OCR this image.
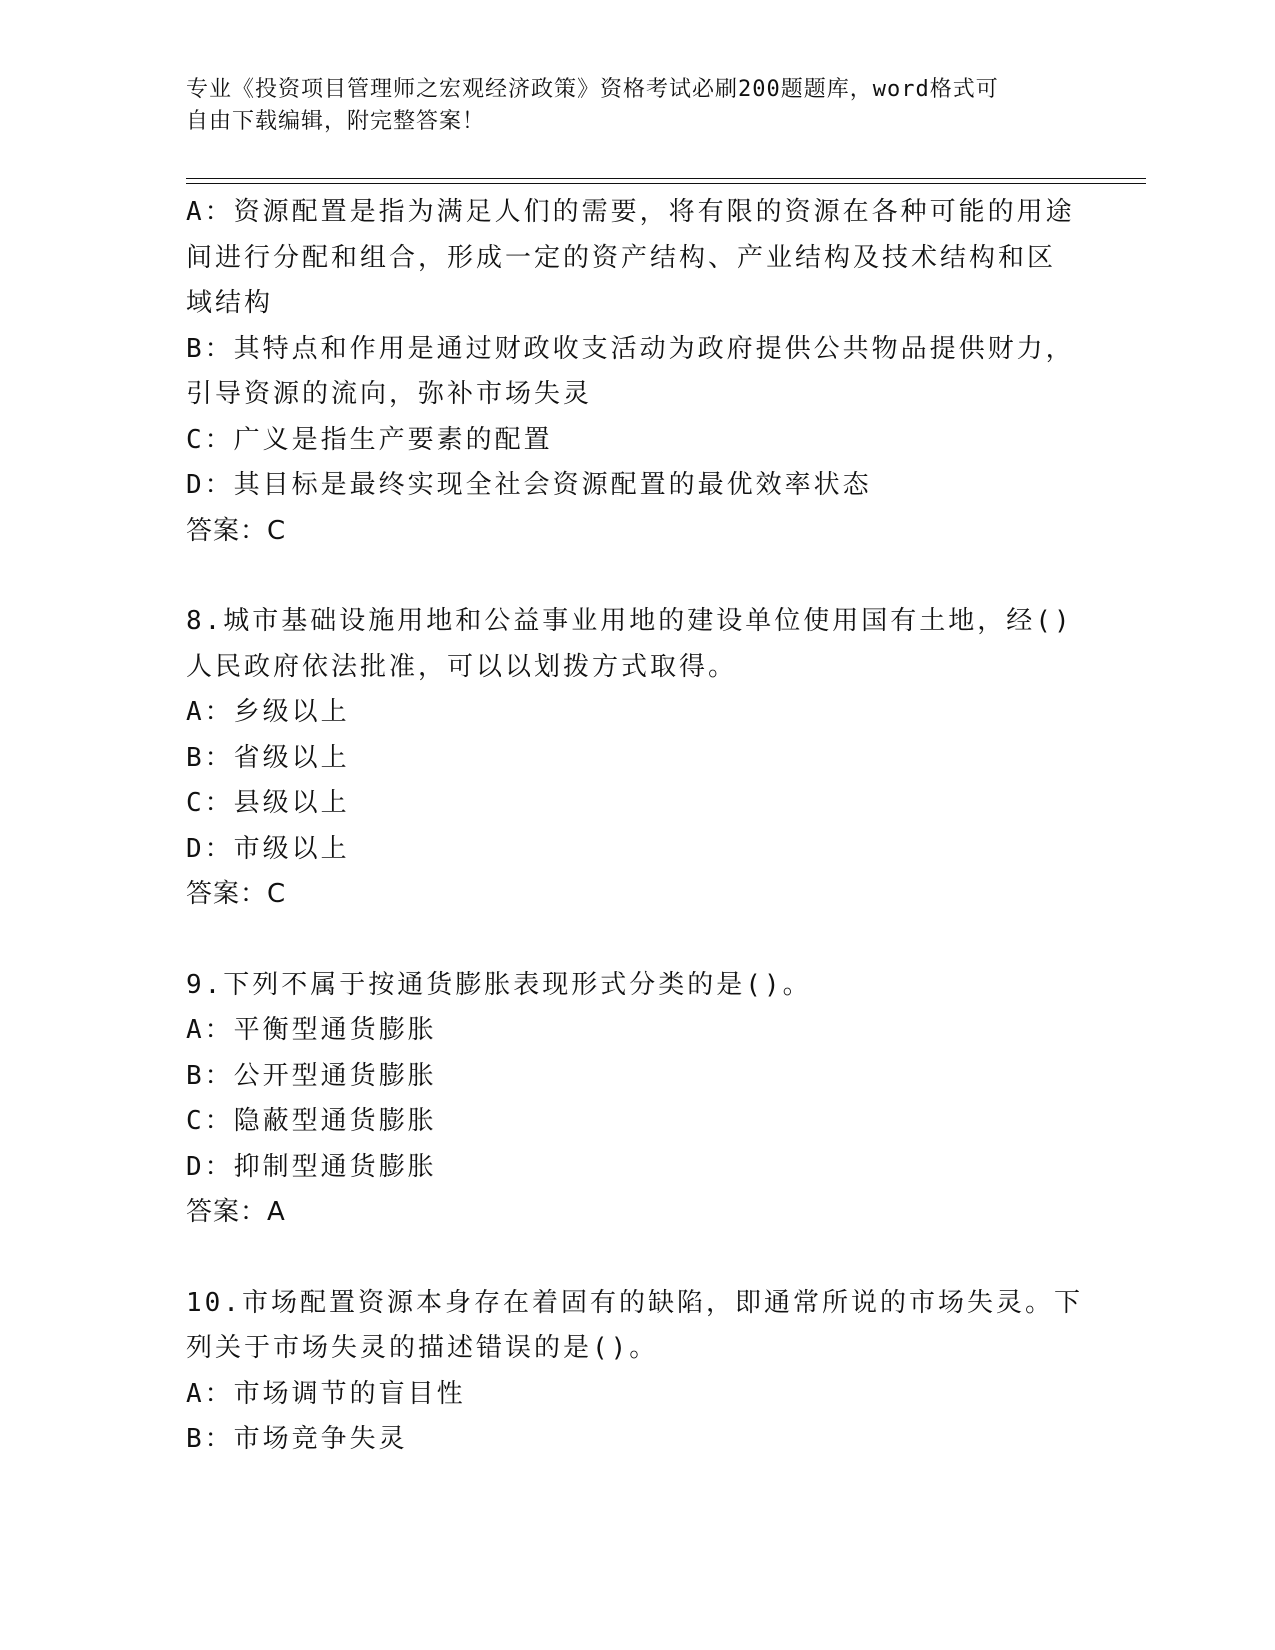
专业《投资项目管理师之宏观经济政策》资格考试必刷200题题库，word格式可
自由下载编辑，附完整答案！
A：资源配置是指为满足人们的需要，将有限的资源在各种可能的用途
间进行分配和组合，形成一定的资产结构、产业结构及技术结构和区
域结构
B：其特点和作用是通过财政收支活动为政府提供公共物品提供财力，
引导资源的流向，弥补市场失灵
C：广义是指生产要素的配置
D：其目标是最终实现全社会资源配置的最优效率状态
答案：C
8.城市基础设施用地和公益事业用地的建设单位使用国有土地，经()
人民政府依法批准，可以以划拨方式取得。
A：乡级以上
B：省级以上
C：县级以上
D：市级以上
答案：C
9.下列不属于按通货膨胀表现形式分类的是()。
A：平衡型通货膨胀
B：公开型通货膨胀
C：隐蔽型通货膨胀
D：抑制型通货膨胀
答案：A
10.市场配置资源本身存在着固有的缺陷，即通常所说的市场失灵。下
列关于市场失灵的描述错误的是()。
A：市场调节的盲目性
B：市场竞争失灵
